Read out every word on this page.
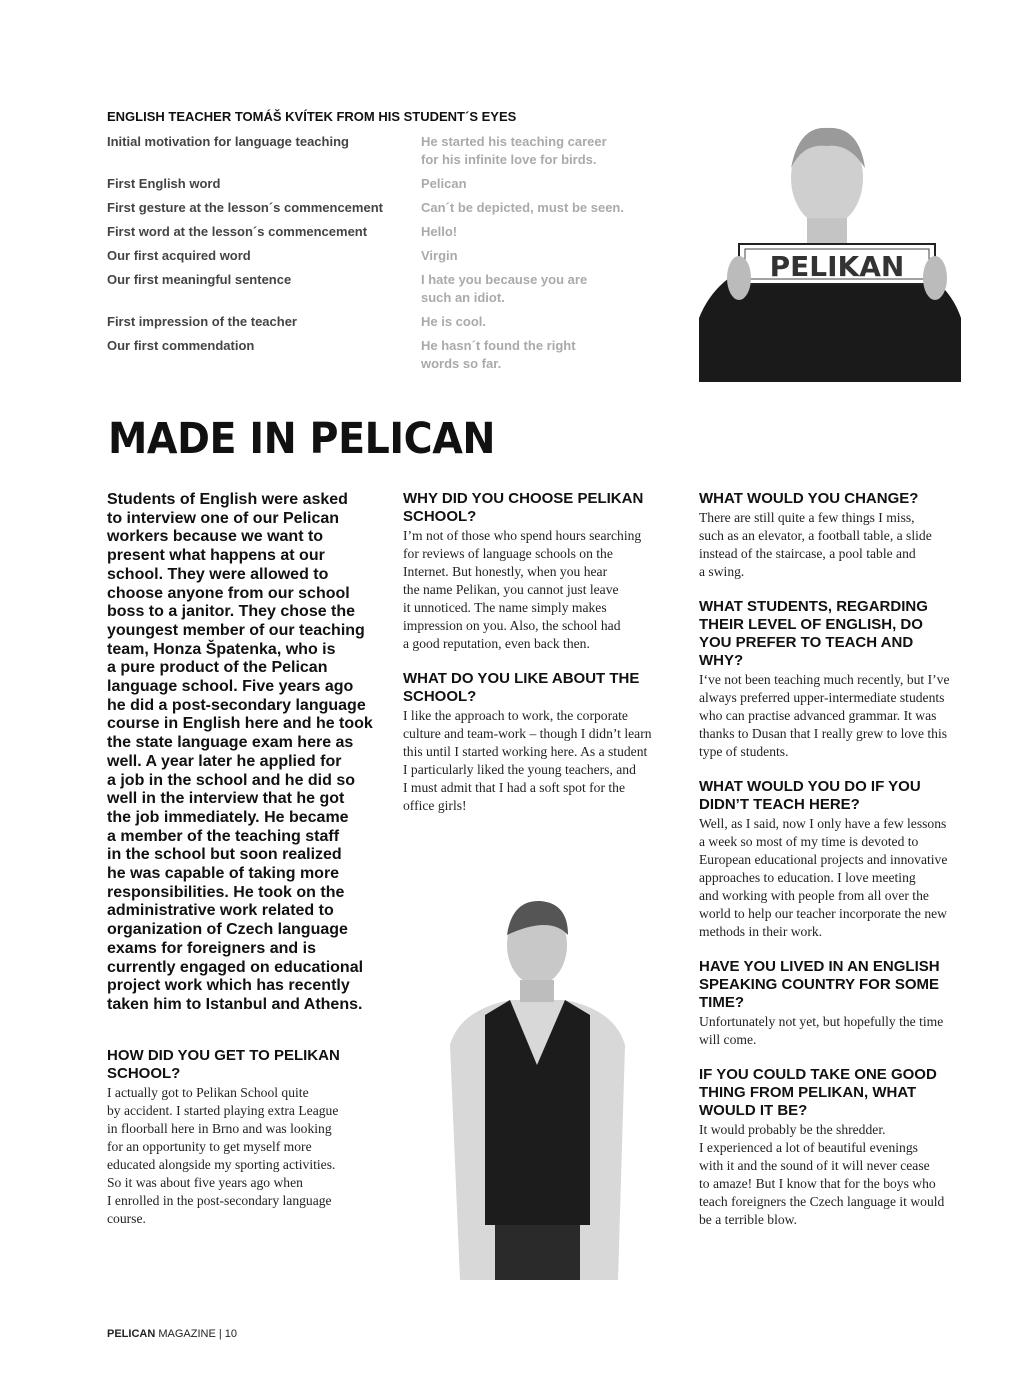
ENGLISH TEACHER TOMÁŠ KVÍTEK FROM HIS STUDENT´S EYES
Initial motivation for language teaching	He started his teaching career
for his infinite love for birds.
First English word	Pelican
First gesture at the lesson´s commencement	Can´t be depicted, must be seen.
First word at the lesson´s commencement	Hello!
Our first acquired word	Virgin
Our first meaningful sentence	I hate you because you are
such an idiot.
First impression of the teacher	He is cool.
Our first commendation	He hasn´t found the right
words so far.
PELIKAN
MADE IN PELICAN
Students of English were asked
to interview one of our Pelican
workers because we want to
present what happens at our
school. They were allowed to
choose anyone from our school
boss to a janitor. They chose the
youngest member of our teaching
team, Honza Špatenka, who is
a pure product of the Pelican
language school. Five years ago
he did a post-secondary language
course in English here and he took
the state language exam here as
well. A year later he applied for
a job in the school and he did so
well in the interview that he got
the job immediately. He became
a member of the teaching staff
in the school but soon realized
he was capable of taking more
responsibilities. He took on the
administrative work related to
organization of Czech language
exams for foreigners and is
currently engaged on educational
project work which has recently
taken him to Istanbul and Athens.
HOW DID YOU GET TO PELIKAN
SCHOOL?
I actually got to Pelikan School quite
by accident. I started playing extra League
in floorball here in Brno and was looking
for an opportunity to get myself more
educated alongside my sporting activities.
So it was about five years ago when
I enrolled in the post-secondary language
course.
WHY DID YOU CHOOSE PELIKAN
SCHOOL?
I’m not of those who spend hours searching
for reviews of language schools on the
Internet. But honestly, when you hear
the name Pelikan, you cannot just leave
it unnoticed. The name simply makes
impression on you. Also, the school had
a good reputation, even back then.
WHAT DO YOU LIKE ABOUT THE
SCHOOL?
I like the approach to work, the corporate
culture and team-work – though I didn’t learn
this until I started working here. As a student
I particularly liked the young teachers, and
I must admit that I had a soft spot for the
office girls!
WHAT WOULD YOU CHANGE?
There are still quite a few things I miss,
such as an elevator, a football table, a slide
instead of the staircase, a pool table and
a swing.
WHAT STUDENTS, REGARDING
THEIR LEVEL OF ENGLISH, DO
YOU PREFER TO TEACH AND
WHY?
I‘ve not been teaching much recently, but I’ve
always preferred upper-intermediate students
who can practise advanced grammar. It was
thanks to Dusan that I really grew to love this
type of students.
WHAT WOULD YOU DO IF YOU
DIDN’T TEACH HERE?
Well, as I said, now I only have a few lessons
a week so most of my time is devoted to
European educational projects and innovative
approaches to education. I love meeting
and working with people from all over the
world to help our teacher incorporate the new
methods in their work.
HAVE YOU LIVED IN AN ENGLISH
SPEAKING COUNTRY FOR SOME
TIME?
Unfortunately not yet, but hopefully the time
will come.
IF YOU COULD TAKE ONE GOOD
THING FROM PELIKAN, WHAT
WOULD IT BE?
It would probably be the shredder.
I experienced a lot of beautiful evenings
with it and the sound of it will never cease
to amaze! But I know that for the boys who
teach foreigners the Czech language it would
be a terrible blow.
PELICAN MAGAZINE | 10
